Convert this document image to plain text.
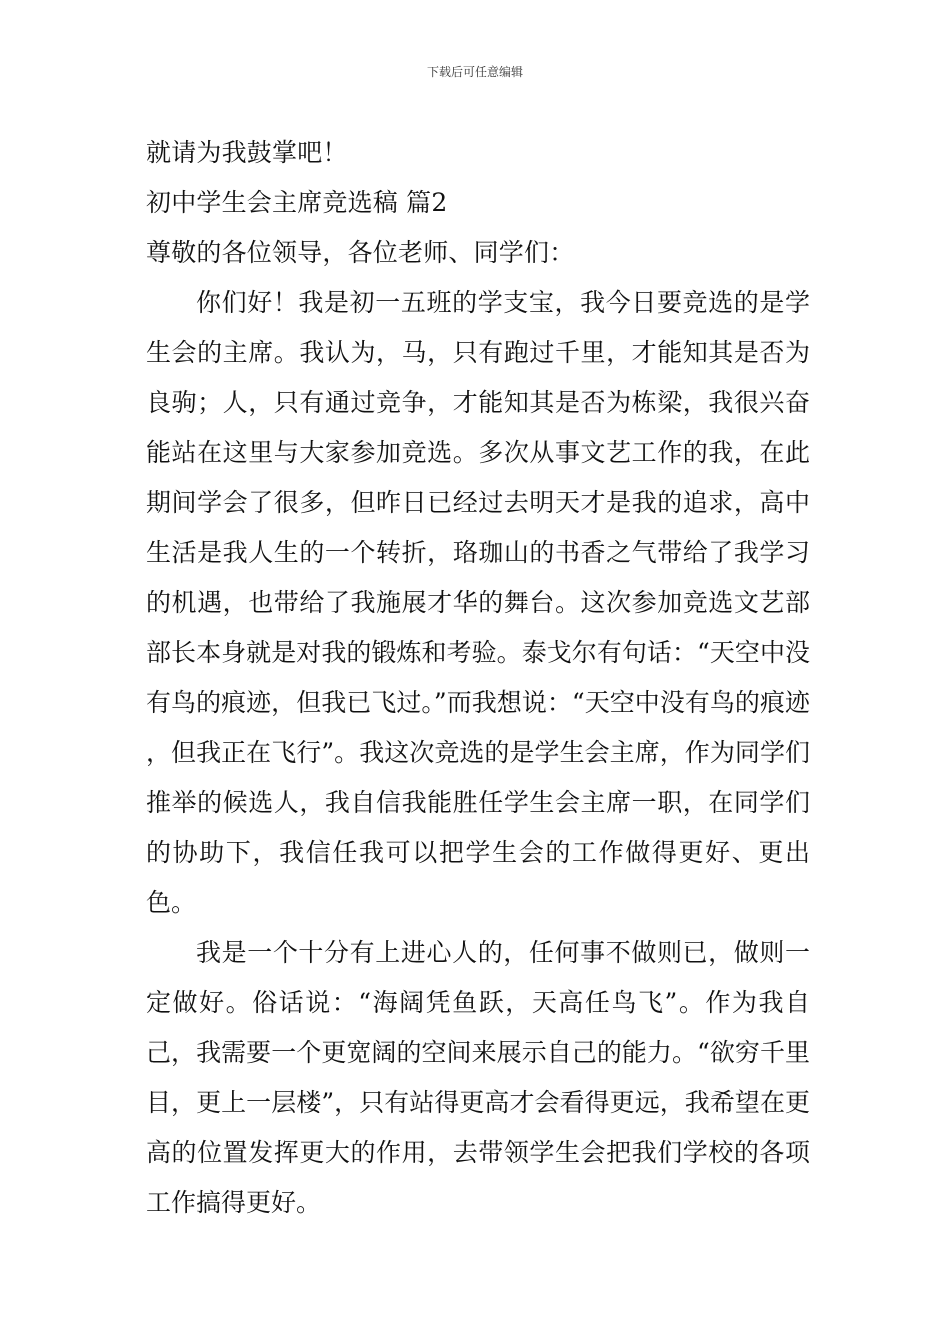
下载后可任意编辑
就请为我鼓掌吧！
初中学生会主席竞选稿 篇2
尊敬的各位领导，各位老师、同学们：

你们好！我是初一五班的学支宝，我今日要竞选的是学生会的主席。我认为，马，只有跑过千里，才能知其是否为良驹；人，只有通过竞争，才能知其是否为栋梁，我很兴奋能站在这里与大家参加竞选。多次从事文艺工作的我，在此期间学会了很多，但昨日已经过去明天才是我的追求，高中生活是我人生的一个转折，珞珈山的书香之气带给了我学习的机遇，也带给了我施展才华的舞台。这次参加竞选文艺部部长本身就是对我的锻炼和考验。泰戈尔有句话：“天空中没有鸟的痕迹，但我已飞过。”而我想说：“天空中没有鸟的痕迹 ，但我正在飞行”。我这次竞选的是学生会主席，作为同学们推举的候选人，我自信我能胜任学生会主席一职，在同学们的协助下，我信任我可以把学生会的工作做得更好、更出色。

我是一个十分有上进心人的，任何事不做则已，做则一定做好。俗话说：“海阔凭鱼跃，天高任鸟飞”。作为我自己，我需要一个更宽阔的空间来展示自己的能力。“欲穷千里目，更上一层楼”，只有站得更高才会看得更远，我希望在更高的位置发挥更大的作用，去带领学生会把我们学校的各项工作搞得更好。
